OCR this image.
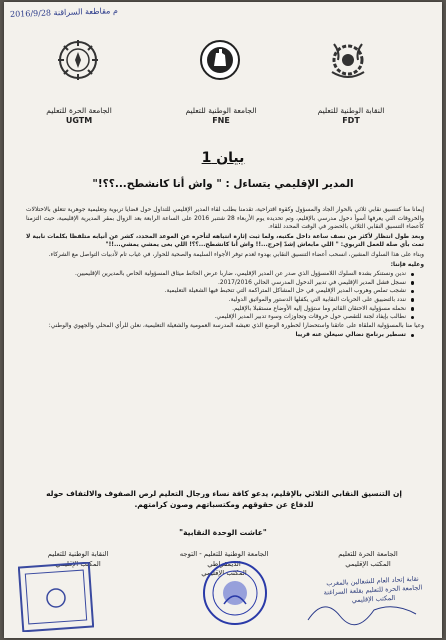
2016/9/28 م مقاطعة السراقنة
الجامعة الحرة للتعليم
UGTM
الجامعة الوطنية للتعليم
FNE
النقابة الوطنية للتعليم
FDT
بيان 1
المدير الإقليمي يتساءل : " واش أنا كانشطح...؟؟!"

إيمانا منا كتنسيق نقابي ثلاثي بالحوار الجاد والمسؤول وكقوة اقتراحية، تقدمنا بطلب لقاء المدير الإقليمي للتداول حول قضايا تربوية وتعليمية جوهرية تتعلق بالاختلالات والخروقات التي يعرفها أسوأ دخول مدرسي بالإقليم، وتم تحديده يوم الأربعاء 28 شتنبر 2016 على الساعة الرابعة بعد الزوال بمقر المديرية الإقليمية، حيث التزمنا كأعضاء التنسيق النقابي الثلاثي بالحضور في الوقت المحدد للقاء.

وبعد طول انتظار لأكثر من نصف ساعة داخل مكتبه، ولما ثبت إثارة انتباهه لتأخره عن الموعد المحدد، كشر عن أنيابه متلفظا بكلمات نابية لا تمت بأي صلة للعمل التربوي: " اللي مابغاش إشدّ إخرج...!! واش أنا كانشطح...؟؟! اللي بغى يمشي يمشي...!!"

وبناء على هذا السلوك المشين، انسحب أعضاء التنسيق النقابي بهدوء لعدم توفر الأجواء السليمة والصحية للحوار، في غياب تام لأدبيات التواصل مع الشركاء.

وعليه فإننا:

ندين ونستنكر بشدة السلوك اللامسؤول الذي صدر عن المدير الإقليمي، ضاربا عرض الحائط ميثاق المسؤولية الخاص بالمديرين الإقليميين.
نسجل فشل المدير الإقليمي في تدبير الدخول المدرسي الحالي 2017/2016.
نشجب تملص وهروب المدير الإقليمي في حل المشاكل المتراكمة التي تتخبط فيها الشغيلة التعليمية.
نندد بالتضييق على الحريات النقابية التي يكفلها الدستور والمواثيق الدولية.
نحمله مسؤولية الاحتقان القائم وما ستؤول إليه الأوضاع مستقبلا بالإقليم.
نطالب بإيفاد لجنة للتقصي حول خروقات وتجاوزات وسوء تدبير المدير الإقليمي.

وعيا منا بالمسؤولية الملقاة على عاتقنا واستحضارا لخطورة الوضع الذي تعيشه المدرسة العمومية والشغيلة التعليمية، نعلن للرأي المحلي والجهوي والوطني:

تسطير برنامج نضالي سيعلن عنه قريبا
إن التنسيق النقابي الثلاثي بالإقليم، يدعو كافة نساء ورجال التعليم لرص الصفوف والالتفاف حوله للدفاع عن حقوقهم ومكتسباتهم وصون كرامتهم.
"عاشت الوحدة النقابية"
الجامعة الحرة للتعليم
المكتب الإقليمي
الجامعة الوطنية للتعليم - التوجه الديمقراطي
المكتب الإقليمي
النقابة الوطنية للتعليم
المكتب الإقليمي
نقابة إتحاد العام للشغالين بالمغرب الجامعة الحرة للتعليم بقلعة السراغنة المكتب الإقليمي
